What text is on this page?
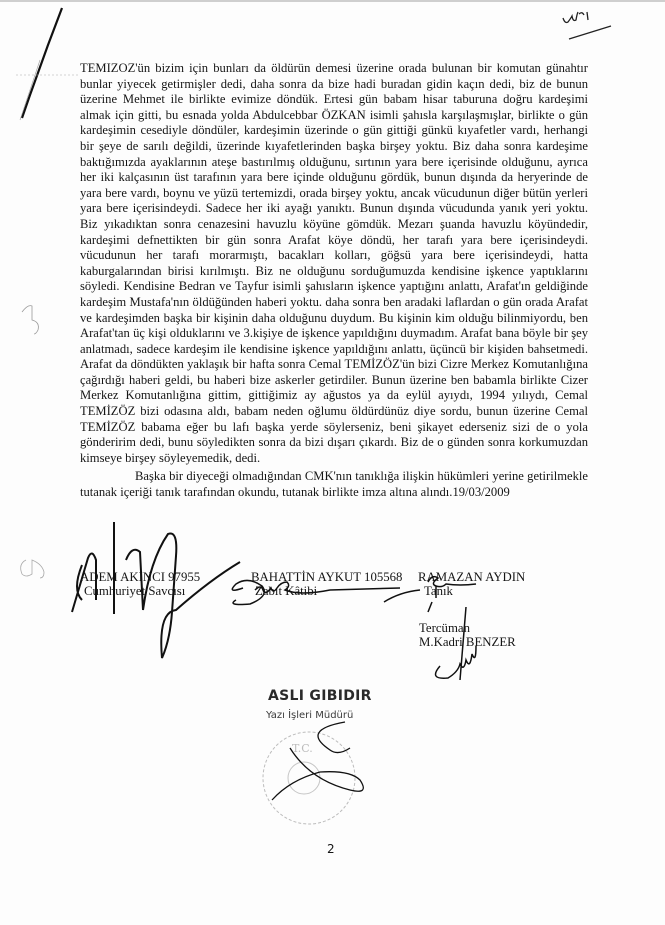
TEMIZOZ'ün bizim için bunları da öldürün demesi üzerine orada bulunan bir komutan günahtır bunlar yiyecek getirmişler dedi, daha sonra da bize hadi buradan gidin kaçın dedi, biz de bunun üzerine Mehmet ile birlikte evimize döndük. Ertesi gün babam hisar taburuna doğru kardeşimi almak için gitti, bu esnada yolda Abdulcebbar ÖZKAN isimli şahısla karşılaşmışlar, birlikte o gün kardeşimin cesediyle döndüler, kardeşimin üzerinde o gün gittiği günkü kıyafetler vardı, herhangi bir şeye de sarılı değildi, üzerinde kıyafetlerinden başka birşey yoktu. Biz daha sonra kardeşime baktığımızda ayaklarının ateşe bastırılmış olduğunu, sırtının yara bere içerisinde olduğunu, ayrıca her iki kalçasının üst tarafının yara bere içinde olduğunu gördük, bunun dışında da heryerinde de yara bere vardı, boynu ve yüzü tertemizdi, orada birşey yoktu, ancak vücudunun diğer bütün yerleri yara bere içerisindeydi. Sadece her iki ayağı yanıktı. Bunun dışında vücudunda yanık yeri yoktu. Biz yıkadıktan sonra cenazesini havuzlu köyüne gömdük. Mezarı şuanda havuzlu köyündedir, kardeşimi defnettikten bir gün sonra Arafat köye döndü, her tarafı yara bere içerisindeydi. vücudunun her tarafı morarmıştı, bacakları kolları, göğsü yara bere içerisindeydi, hatta kaburgalarından birisi kırılmıştı. Biz ne olduğunu sorduğumuzda kendisine işkence yaptıklarını söyledi. Kendisine Bedran ve Tayfur isimli şahısların işkence yaptığını anlattı, Arafat'ın geldiğinde kardeşim Mustafa'nın öldüğünden haberi yoktu. daha sonra ben aradaki laflardan o gün orada Arafat ve kardeşimden başka bir kişinin daha olduğunu duydum. Bu kişinin kim olduğu bilinmiyordu, ben Arafat'tan üç kişi olduklarını ve 3.kişiye de işkence yapıldığını duymadım. Arafat bana böyle bir şey anlatmadı, sadece kardeşim ile kendisine işkence yapıldığını anlattı, üçüncü bir kişiden bahsetmedi. Arafat da döndükten yaklaşık bir hafta sonra Cemal TEMİZÖZ'ün bizi Cizre Merkez Komutanlığına çağırdığı haberi geldi, bu haberi bize askerler getirdiler. Bunun üzerine ben babamla birlikte Cizer Merkez Komutanlığına gittim, gittiğimiz ay ağustos ya da eylül ayıydı, 1994 yılıydı, Cemal TEMİZÖZ bizi odasına aldı, babam neden oğlumu öldürdünüz diye sordu, bunun üzerine Cemal TEMİZÖZ babama eğer bu lafı başka yerde söylerseniz, beni şikayet ederseniz sizi de o yola gönderirim dedi, bunu söyledikten sonra da bizi dışarı çıkardı. Biz de o günden sonra korkumuzdan kimseye birşey söyleyemedik, dedi.

Başka bir diyeceği olmadığından CMK'nın tanıklığa ilişkin hükümleri yerine getirilmekle tutanak içeriği tanık tarafından okundu, tutanak birlikte imza altına alındı.19/03/2009

ADEM AKINCI 97955
Cumhuriyet Savcısı
BAHATTİN AYKUT 105568
Zabıt Kâtibi
RAMAZAN AYDIN
Tanık
Tercüman
M.Kadri BENZER
ASLI GIBIDIR
Yazı İşleri Müdürü
2
T.C.
